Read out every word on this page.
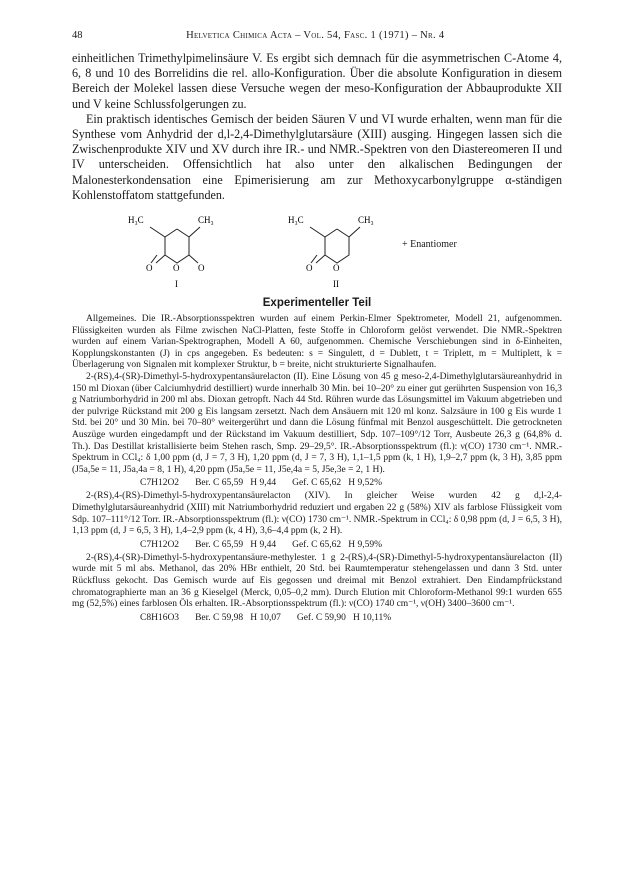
48	Helvetica Chimica Acta – Vol. 54, Fasc. 1 (1971) – Nr. 4

einheitlichen Trimethylpimelinsäure V. Es ergibt sich demnach für die asymmetrischen C-Atome 4, 6, 8 und 10 des Borrelidins die rel. allo-Konfiguration. Über die absolute Konfiguration in diesem Bereich der Molekel lassen diese Versuche wegen der meso-Konfiguration der Abbauprodukte XII und V keine Schlussfolgerungen zu.

Ein praktisch identisches Gemisch der beiden Säuren V und VI wurde erhalten, wenn man für die Synthese vom Anhydrid der d,l-2,4-Dimethylglutarsäure (XIII) ausging. Hingegen lassen sich die Zwischenprodukte XIV und XV durch ihre IR.- und NMR.-Spektren von den Diastereomeren II und IV unterscheiden. Offensichtlich hat also unter den alkalischen Bedingungen der Malonesterkondensation eine Epimerisierung am zur Methoxycarbonylgruppe α-ständigen Kohlenstoffatom stattgefunden.

H₃C	CH₃
O O O
I
H₃C	CH₃
O O
II
+ Enantiomer
Experimenteller Teil

Allgemeines. Die IR.-Absorptionsspektren wurden auf einem Perkin-Elmer Spektrometer, Modell 21, aufgenommen. Flüssigkeiten wurden als Filme zwischen NaCl-Platten, feste Stoffe in Chloroform gelöst verwendet. Die NMR.-Spektren wurden auf einem Varian-Spektrographen, Modell A 60, aufgenommen. Chemische Verschiebungen sind in δ-Einheiten, Kopplungskonstanten (J) in cps angegeben. Es bedeuten: s = Singulett, d = Dublett, t = Triplett, m = Multiplett, k = Überlagerung von Signalen mit komplexer Struktur, b = breite, nicht strukturierte Signalhaufen.

2-(RS),4-(SR)-Dimethyl-5-hydroxypentansäurelacton (II). Eine Lösung von 45 g meso-2,4-Dimethylglutarsäureanhydrid in 150 ml Dioxan (über Calciumhydrid destilliert) wurde innerhalb 30 Min. bei 10–20° zu einer gut gerührten Suspension von 16,3 g Natriumborhydrid in 200 ml abs. Dioxan getropft. Nach 44 Std. Rühren wurde das Lösungsmittel im Vakuum abgetrieben und der pulvrige Rückstand mit 200 g Eis langsam zersetzt. Nach dem Ansäuern mit 120 ml konz. Salzsäure in 100 g Eis wurde 1 Std. bei 20° und 30 Min. bei 70–80° weitergerührt und dann die Lösung fünfmal mit Benzol ausgeschüttelt. Die getrockneten Auszüge wurden eingedampft und der Rückstand im Vakuum destilliert, Sdp. 107–109°/12 Torr, Ausbeute 26,3 g (64,8% d. Th.). Das Destillat kristallisierte beim Stehen rasch, Smp. 29–29,5°. IR.-Absorptionsspektrum (fl.): ν(CO) 1730 cm⁻¹. NMR.-Spektrum in CCl₄: δ 1,00 ppm (d, J = 7, 3 H), 1,20 ppm (d, J = 7, 3 H), 1,1–1,5 ppm (k, 1 H), 1,9–2,7 ppm (k, 3 H), 3,85 ppm (J5a,5e = 11, J5a,4a = 8, 1 H), 4,20 ppm (J5a,5e = 11, J5e,4a = 5, J5e,3e = 2, 1 H).

C7H12O2 Ber. C 65,59   H 9,44 Gef. C 65,62   H 9,52%

2-(RS),4-(RS)-Dimethyl-5-hydroxypentansäurelacton (XIV). In gleicher Weise wurden 42 g d,l-2,4-Dimethylglutarsäureanhydrid (XIII) mit Natriumborhydrid reduziert und ergaben 22 g (58%) XIV als farblose Flüssigkeit vom Sdp. 107–111°/12 Torr. IR.-Absorptionsspektrum (fl.): ν(CO) 1730 cm⁻¹. NMR.-Spektrum in CCl₄: δ 0,98 ppm (d, J = 6,5, 3 H), 1,13 ppm (d, J = 6,5, 3 H), 1,4–2,9 ppm (k, 4 H), 3,6–4,4 ppm (k, 2 H).

C7H12O2 Ber. C 65,59   H 9,44 Gef. C 65,62   H 9,59%

2-(RS),4-(SR)-Dimethyl-5-hydroxypentansäure-methylester. 1 g 2-(RS),4-(SR)-Dimethyl-5-hydroxypentansäurelacton (II) wurde mit 5 ml abs. Methanol, das 20% HBr enthielt, 20 Std. bei Raumtemperatur stehengelassen und dann 3 Std. unter Rückfluss gekocht. Das Gemisch wurde auf Eis gegossen und dreimal mit Benzol extrahiert. Den Eindampfrückstand chromatographierte man an 36 g Kieselgel (Merck, 0,05–0,2 mm). Durch Elution mit Chloroform-Methanol 99:1 wurden 655 mg (52,5%) eines farblosen Öls erhalten. IR.-Absorptionsspektrum (fl.): ν(CO) 1740 cm⁻¹, ν(OH) 3400–3600 cm⁻¹.

C8H16O3 Ber. C 59,98   H 10,07 Gef. C 59,90   H 10,11%
